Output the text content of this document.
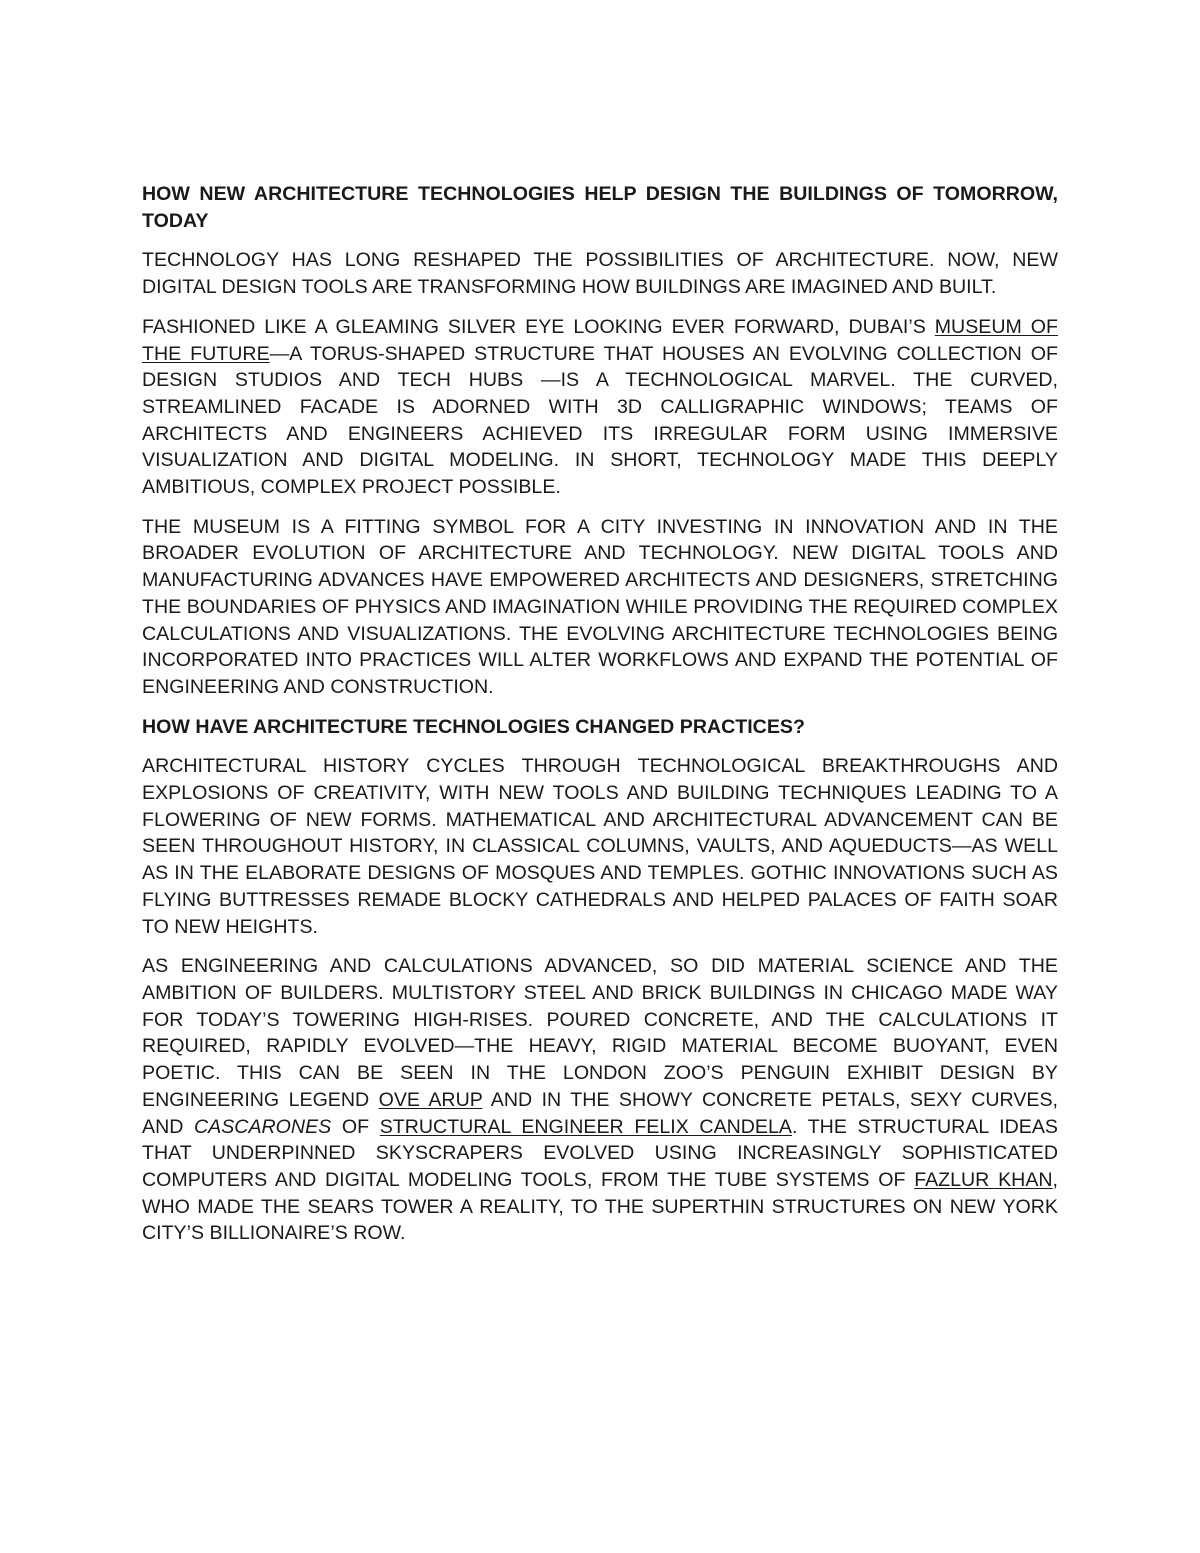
HOW NEW ARCHITECTURE TECHNOLOGIES HELP DESIGN THE BUILDINGS OF TOMORROW, TODAY

TECHNOLOGY HAS LONG RESHAPED THE POSSIBILITIES OF ARCHITECTURE. NOW, NEW DIGITAL DESIGN TOOLS ARE TRANSFORMING HOW BUILDINGS ARE IMAGINED AND BUILT.

FASHIONED LIKE A GLEAMING SILVER EYE LOOKING EVER FORWARD, DUBAI’S MUSEUM OF THE FUTURE—A TORUS-SHAPED STRUCTURE THAT HOUSES AN EVOLVING COLLECTION OF DESIGN STUDIOS AND TECH HUBS —IS A TECHNOLOGICAL MARVEL. THE CURVED, STREAMLINED FACADE IS ADORNED WITH 3D CALLIGRAPHIC WINDOWS; TEAMS OF ARCHITECTS AND ENGINEERS ACHIEVED ITS IRREGULAR FORM USING IMMERSIVE VISUALIZATION AND DIGITAL MODELING. IN SHORT, TECHNOLOGY MADE THIS DEEPLY AMBITIOUS, COMPLEX PROJECT POSSIBLE.

THE MUSEUM IS A FITTING SYMBOL FOR A CITY INVESTING IN INNOVATION AND IN THE BROADER EVOLUTION OF ARCHITECTURE AND TECHNOLOGY. NEW DIGITAL TOOLS AND MANUFACTURING ADVANCES HAVE EMPOWERED ARCHITECTS AND DESIGNERS, STRETCHING THE BOUNDARIES OF PHYSICS AND IMAGINATION WHILE PROVIDING THE REQUIRED COMPLEX CALCULATIONS AND VISUALIZATIONS. THE EVOLVING ARCHITECTURE TECHNOLOGIES BEING INCORPORATED INTO PRACTICES WILL ALTER WORKFLOWS AND EXPAND THE POTENTIAL OF ENGINEERING AND CONSTRUCTION.

HOW HAVE ARCHITECTURE TECHNOLOGIES CHANGED PRACTICES?

ARCHITECTURAL HISTORY CYCLES THROUGH TECHNOLOGICAL BREAKTHROUGHS AND EXPLOSIONS OF CREATIVITY, WITH NEW TOOLS AND BUILDING TECHNIQUES LEADING TO A FLOWERING OF NEW FORMS. MATHEMATICAL AND ARCHITECTURAL ADVANCEMENT CAN BE SEEN THROUGHOUT HISTORY, IN CLASSICAL COLUMNS, VAULTS, AND AQUEDUCTS—AS WELL AS IN THE ELABORATE DESIGNS OF MOSQUES AND TEMPLES. GOTHIC INNOVATIONS SUCH AS FLYING BUTTRESSES REMADE BLOCKY CATHEDRALS AND HELPED PALACES OF FAITH SOAR TO NEW HEIGHTS.

AS ENGINEERING AND CALCULATIONS ADVANCED, SO DID MATERIAL SCIENCE AND THE AMBITION OF BUILDERS. MULTISTORY STEEL AND BRICK BUILDINGS IN CHICAGO MADE WAY FOR TODAY’S TOWERING HIGH-RISES. POURED CONCRETE, AND THE CALCULATIONS IT REQUIRED, RAPIDLY EVOLVED—THE HEAVY, RIGID MATERIAL BECOME BUOYANT, EVEN POETIC. THIS CAN BE SEEN IN THE LONDON ZOO’S PENGUIN EXHIBIT DESIGN BY ENGINEERING LEGEND OVE ARUP AND IN THE SHOWY CONCRETE PETALS, SEXY CURVES, AND CASCARONES OF STRUCTURAL ENGINEER FELIX CANDELA. THE STRUCTURAL IDEAS THAT UNDERPINNED SKYSCRAPERS EVOLVED USING INCREASINGLY SOPHISTICATED COMPUTERS AND DIGITAL MODELING TOOLS, FROM THE TUBE SYSTEMS OF FAZLUR KHAN, WHO MADE THE SEARS TOWER A REALITY, TO THE SUPERTHIN STRUCTURES ON NEW YORK CITY’S BILLIONAIRE’S ROW.
